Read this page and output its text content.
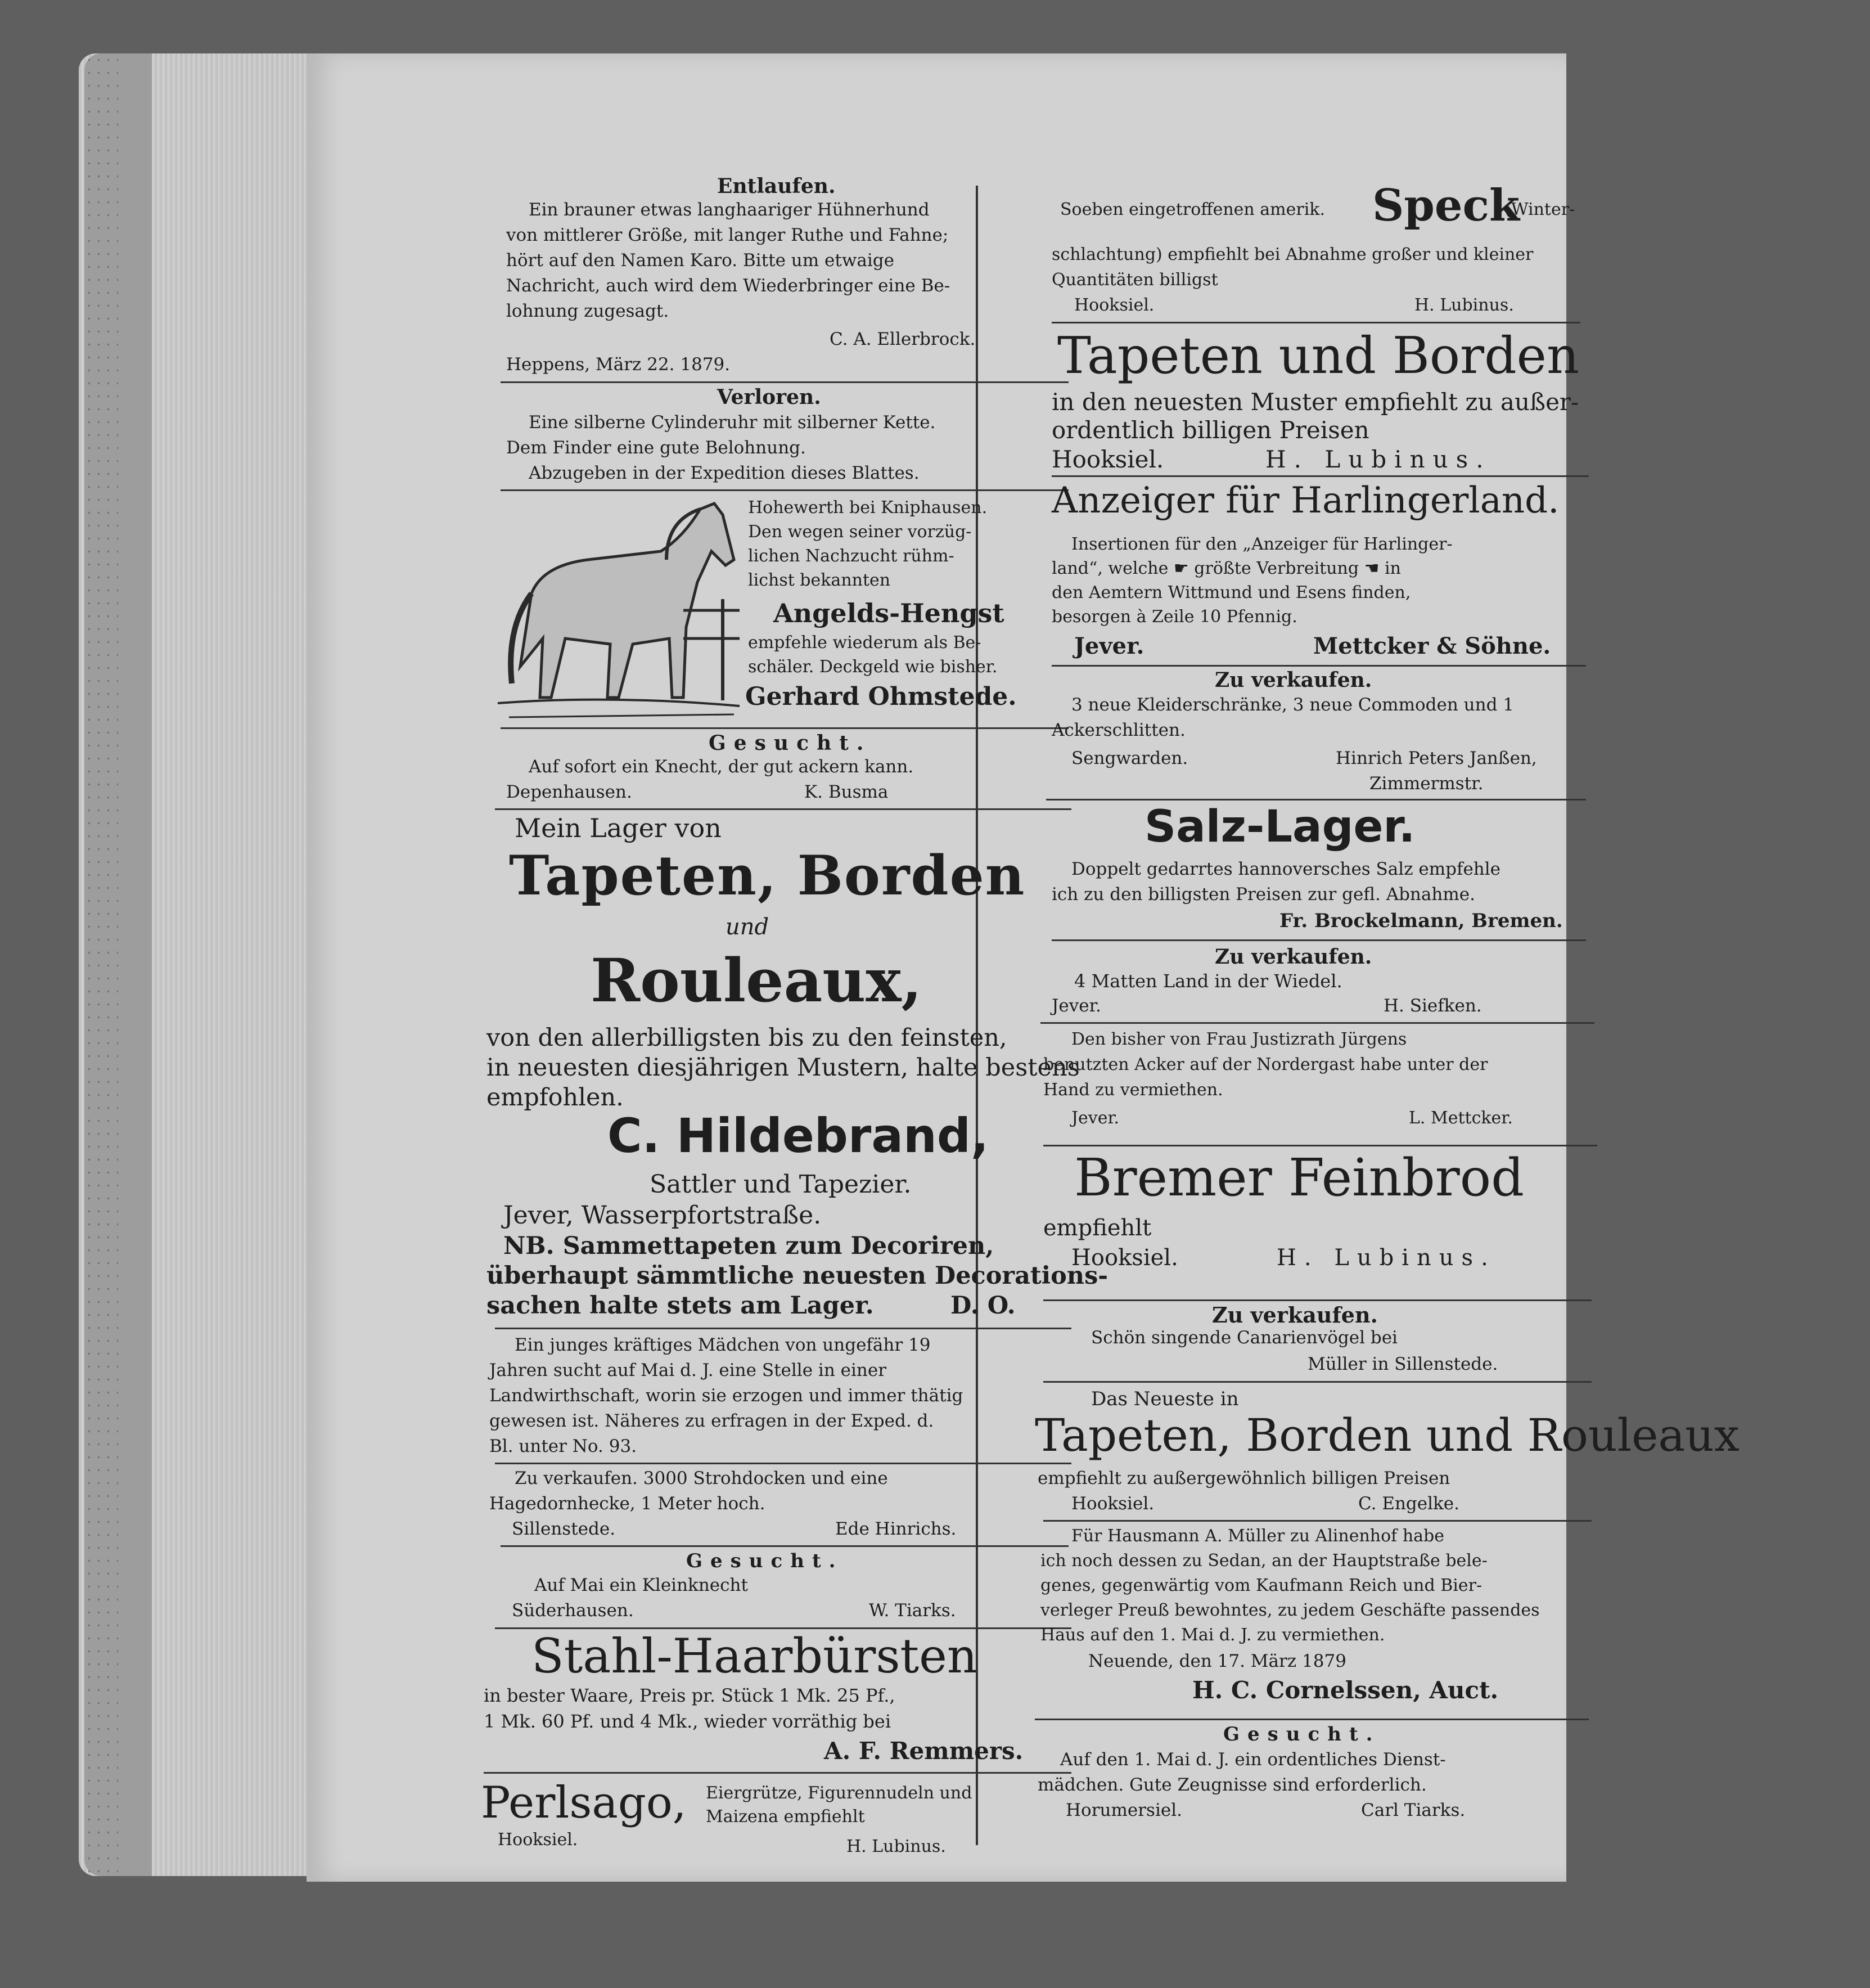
Entlaufen.
Ein brauner etwas langhaariger Hühnerhund
von mittlerer Größe, mit langer Ruthe und Fahne;
hört auf den Namen Karo. Bitte um etwaige
Nachricht, auch wird dem Wiederbringer eine Be-
lohnung zugesagt.
C. A. Ellerbrock.
Heppens, März 22. 1879.
Verloren.
Eine silberne Cylinderuhr mit silberner Kette.
Dem Finder eine gute Belohnung.
Abzugeben in der Expedition dieses Blattes.
Hohewerth bei Kniphausen.
Den wegen seiner vorzüg-
lichen Nachzucht rühm-
lichst bekannten
Angelds-Hengst
empfehle wiederum als Be-
schäler. Deckgeld wie bisher.
Gerhard Ohmstede.
Gesucht.
Auf sofort ein Knecht, der gut ackern kann.
Depenhausen.	K. Busma
Mein Lager von
Tapeten, Borden
und
Rouleaux,
von den allerbilligsten bis zu den feinsten,
in neuesten diesjährigen Mustern, halte bestens
empfohlen.
C. Hildebrand,
Sattler und Tapezier.
Jever, Wasserpfortstraße.
NB. Sammettapeten zum Decoriren,
überhaupt sämmtliche neuesten Decorations-
sachen halte stets am Lager.	D. O.
Ein junges kräftiges Mädchen von ungefähr 19
Jahren sucht auf Mai d. J. eine Stelle in einer
Landwirthschaft, worin sie erzogen und immer thätig
gewesen ist. Näheres zu erfragen in der Exped. d.
Bl. unter No. 93.
Zu verkaufen. 3000 Strohdocken und eine
Hagedornhecke, 1 Meter hoch.
Sillenstede.	Ede Hinrichs.
Gesucht.
Auf Mai ein Kleinknecht
Süderhausen.	W. Tiarks.
Stahl-Haarbürsten
in bester Waare, Preis pr. Stück 1 Mk. 25 Pf.,
1 Mk. 60 Pf. und 4 Mk., wieder vorräthig bei
A. F. Remmers.
Perlsago, Eiergrütze, Figurennudeln und
Maizena empfiehlt
Hooksiel.	H. Lubinus.
Soeben eingetroffenen amerik. Speck
(Winter-
schlachtung) empfiehlt bei Abnahme großer und kleiner
Quantitäten billigst
Hooksiel.	H. Lubinus.
Tapeten und Borden
in den neuesten Muster empfiehlt zu außer-
ordentlich billigen Preisen
Hooksiel.	H. Lubinus.
Anzeiger für Harlingerland.
Insertionen für den „Anzeiger für Harlinger-
land“, welche ☛ größte Verbreitung ☚ in
den Aemtern Wittmund und Esens finden,
besorgen à Zeile 10 Pfennig.
Jever.	Mettcker & Söhne.
Zu verkaufen.
3 neue Kleiderschränke, 3 neue Commoden und 1
Ackerschlitten.
Sengwarden.	Hinrich Peters Janßen,
Zimmermstr.
Salz-Lager.
Doppelt gedarrtes hannoversches Salz empfehle
ich zu den billigsten Preisen zur gefl. Abnahme.
Fr. Brockelmann, Bremen.
Zu verkaufen.
4 Matten Land in der Wiedel.
Jever.	H. Siefken.
Den bisher von Frau Justizrath Jürgens
benutzten Acker auf der Nordergast habe unter der
Hand zu vermiethen.
Jever.	L. Mettcker.
Bremer Feinbrod
empfiehlt
Hooksiel.	H. Lubinus.
Zu verkaufen.
Schön singende Canarienvögel bei
Müller in Sillenstede.
Das Neueste in
Tapeten, Borden und Rouleaux
empfiehlt zu außergewöhnlich billigen Preisen
Hooksiel.	C. Engelke.
Für Hausmann A. Müller zu Alinenhof habe
ich noch dessen zu Sedan, an der Hauptstraße bele-
genes, gegenwärtig vom Kaufmann Reich und Bier-
verleger Preuß bewohntes, zu jedem Geschäfte passendes
Haus auf den 1. Mai d. J. zu vermiethen.
Neuende, den 17. März 1879
H. C. Cornelssen, Auct.
Gesucht.
Auf den 1. Mai d. J. ein ordentliches Dienst-
mädchen. Gute Zeugnisse sind erforderlich.
Horumersiel.	Carl Tiarks.
